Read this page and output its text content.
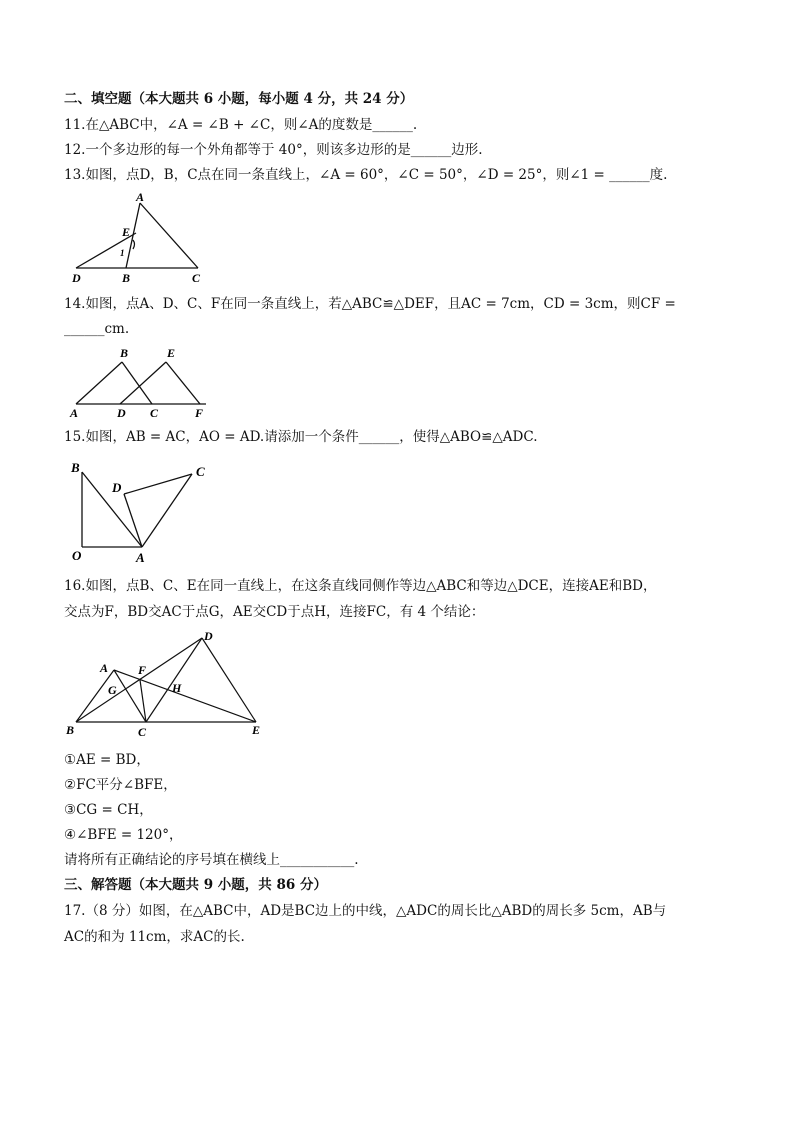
二、填空题（本大题共 6 小题，每小题 4 分，共 24 分）
11.在△ABC中，∠A = ∠B + ∠C，则∠A的度数是______.
12.一个多边形的每一个外角都等于 40°，则该多边形的是______边形.
13.如图，点D，B，C点在同一条直线上，∠A = 60°，∠C = 50°，∠D = 25°，则∠1 = ______度.
A
E
1
D	B	C
14.如图，点A、D、C、F在同一条直线上，若△ABC≌△DEF，且AC = 7cm，CD = 3cm，则CF =
______cm.
B	E
A	D C	F
15.如图，AB = AC，AO = AD.请添加一个条件______，使得△ABO≌△ADC.
B	C
D
O	A
16.如图，点B、C、E在同一直线上，在这条直线同侧作等边△ABC和等边△DCE，连接AE和BD，
交点为F，BD交AC于点G，AE交CD于点H，连接FC，有 4 个结论：
D
A F
G	H
B	C	E
①AE = BD，
②FC平分∠BFE，
③CG = CH，
④∠BFE = 120°，
请将所有正确结论的序号填在横线上___________.
三、解答题（本大题共 9 小题，共 86 分）
17.（8 分）如图，在△ABC中，AD是BC边上的中线，△ADC的周长比△ABD的周长多 5cm，AB与
AC的和为 11cm，求AC的长.
